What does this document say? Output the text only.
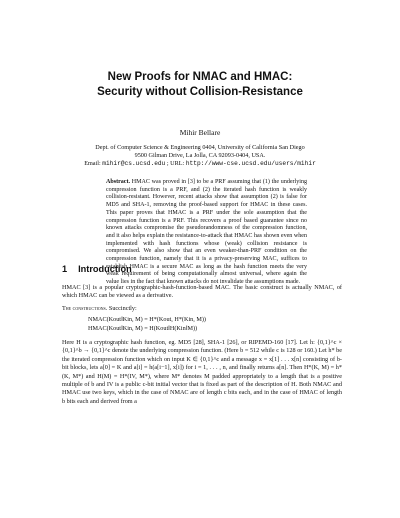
New Proofs for NMAC and HMAC:
Security without Collision-Resistance
Mihir Bellare
Dept. of Computer Science & Engineering 0404, University of California San Diego
9500 Gilman Drive, La Jolla, CA 92093-0404, USA.
Email: mihir@cs.ucsd.edu ; URL: http://www-cse.ucsd.edu/users/mihir
Abstract. HMAC was proved in [3] to be a PRF assuming that (1) the underlying compression function is a PRF, and (2) the iterated hash function is weakly collision-resistant. However, recent attacks show that assumption (2) is false for MD5 and SHA-1, removing the proof-based support for HMAC in these cases. This paper proves that HMAC is a PRF under the sole assumption that the compression function is a PRF. This recovers a proof based guarantee since no known attacks compromise the pseudorandomness of the compression function, and it also helps explain the resistance-to-attack that HMAC has shown even when implemented with hash functions whose (weak) collision resistance is compromised. We also show that an even weaker-than-PRF condition on the compression function, namely that it is a privacy-preserving MAC, suffices to establish HMAC is a secure MAC as long as the hash function meets the very weak requirement of being computationally almost universal, where again the value lies in the fact that known attacks do not invalidate the assumptions made.
1 Introduction
HMAC [3] is a popular cryptographic-hash-function-based MAC. The basic construct is actually NMAC, of which HMAC can be viewed as a derivative.
The constructions. Succinctly:
NMAC(Kout‖Kin, M) = H*(Kout, H*(Kin, M))
HMAC(Kout‖Kin, M) = H(Kout‖H(Kin‖M))
Here H is a cryptographic hash function, eg. MD5 [28], SHA-1 [26], or RIPEMD-160 [17]. Let h: {0,1}^c × {0,1}^b → {0,1}^c denote the underlying compression function. (Here b = 512 while c is 128 or 160.) Let h* be the iterated compression function which on input K ∈ {0,1}^c and a message x = x[1] . . . x[n] consisting of b-bit blocks, lets a[0] = K and a[i] = h(a[i−1], x[i]) for i = 1, . . . , n, and finally returns a[n]. Then H*(K, M) = h*(K, M*) and H(M) = H*(IV, M*), where M* denotes M padded appropriately to a length that is a positive multiple of b and IV is a public c-bit initial vector that is fixed as part of the description of H. Both NMAC and HMAC use two keys, which in the case of NMAC are of length c bits each, and in the case of HMAC of length b bits each and derived from a
